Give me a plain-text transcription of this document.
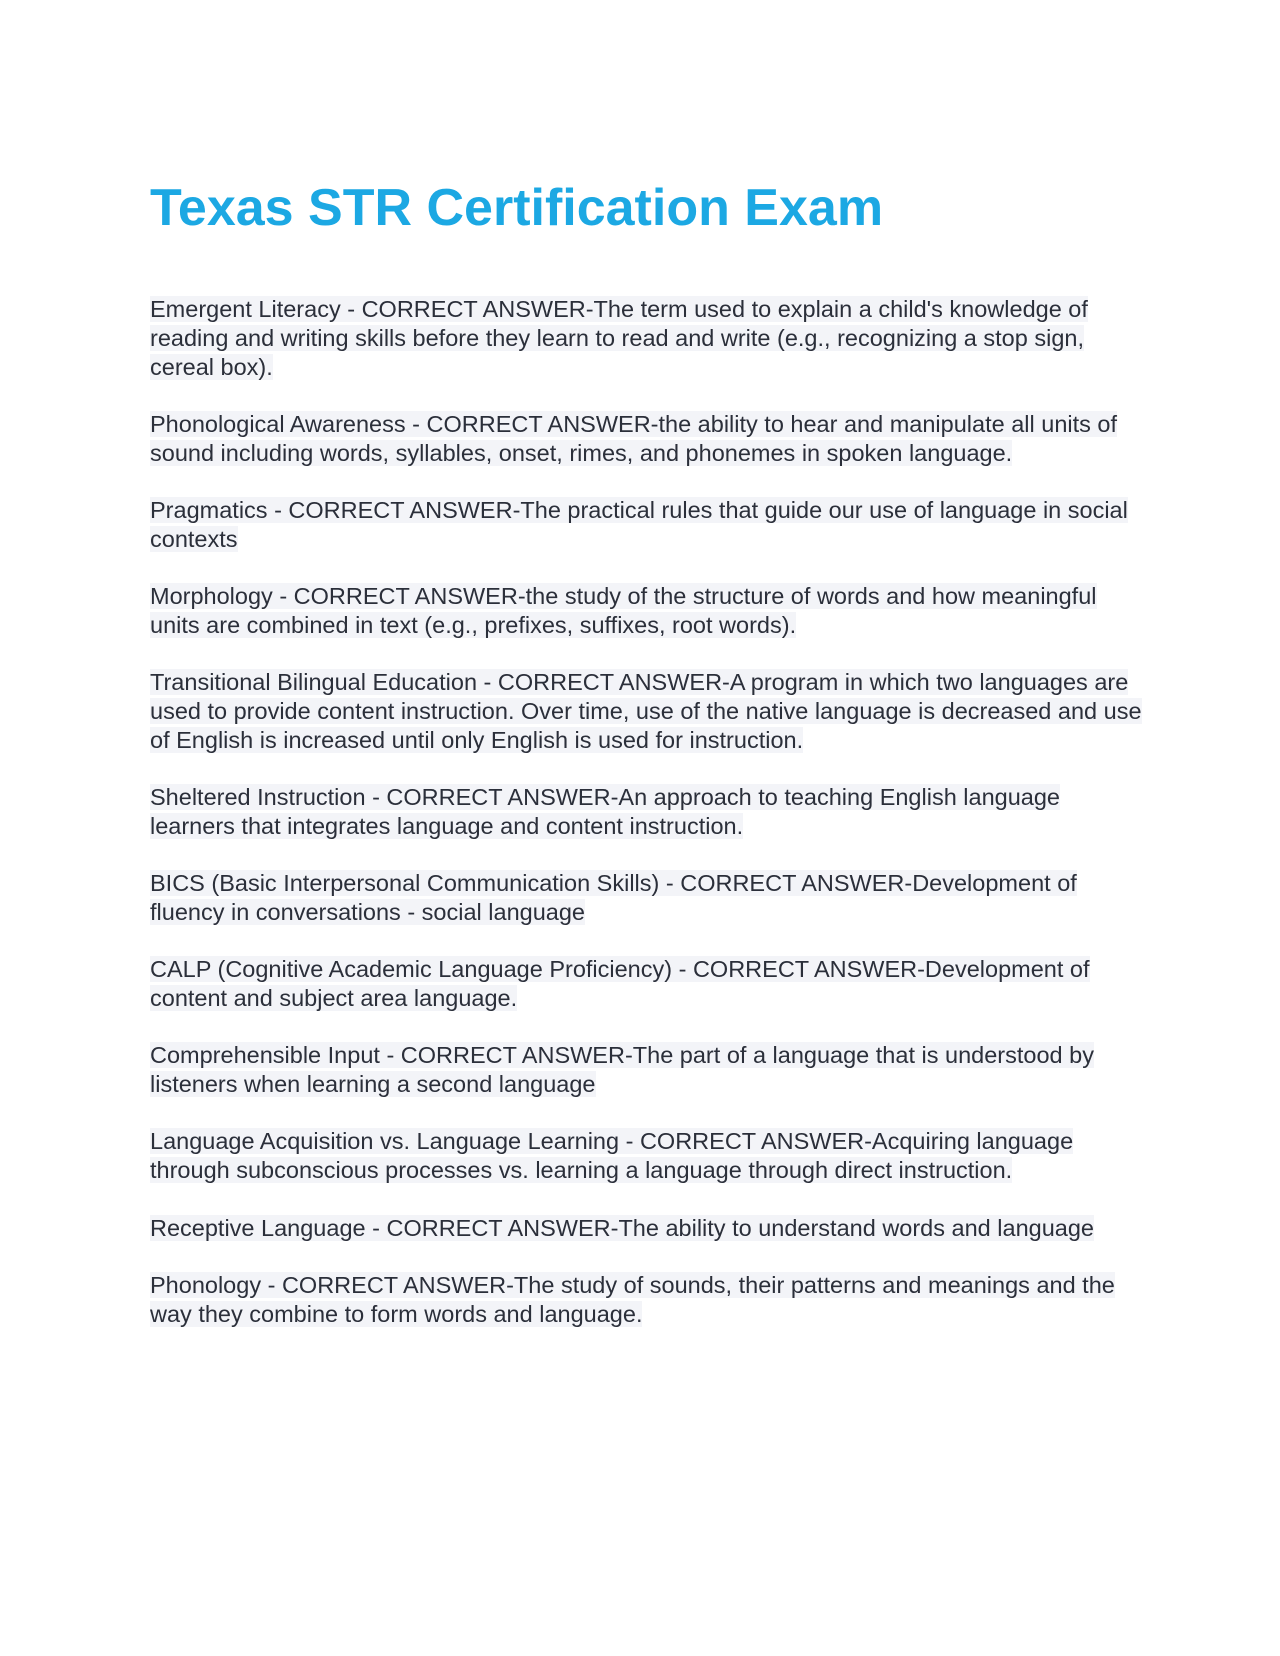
Texas STR Certification Exam

Emergent Literacy - CORRECT ANSWER-The term used to explain a child's knowledge of reading and writing skills before they learn to read and write (e.g., recognizing a stop sign, cereal box).

Phonological Awareness - CORRECT ANSWER-the ability to hear and manipulate all units of sound including words, syllables, onset, rimes, and phonemes in spoken language.

Pragmatics - CORRECT ANSWER-The practical rules that guide our use of language in social contexts

Morphology - CORRECT ANSWER-the study of the structure of words and how meaningful units are combined in text (e.g., prefixes, suffixes, root words).

Transitional Bilingual Education - CORRECT ANSWER-A program in which two languages are used to provide content instruction. Over time, use of the native language is decreased and use of English is increased until only English is used for instruction.

Sheltered Instruction - CORRECT ANSWER-An approach to teaching English language learners that integrates language and content instruction.

BICS (Basic Interpersonal Communication Skills) - CORRECT ANSWER-Development of fluency in conversations - social language

CALP (Cognitive Academic Language Proficiency) - CORRECT ANSWER-Development of content and subject area language.

Comprehensible Input - CORRECT ANSWER-The part of a language that is understood by listeners when learning a second language

Language Acquisition vs. Language Learning - CORRECT ANSWER-Acquiring language through subconscious processes vs. learning a language through direct instruction.

Receptive Language - CORRECT ANSWER-The ability to understand words and language

Phonology - CORRECT ANSWER-The study of sounds, their patterns and meanings and the way they combine to form words and language.
